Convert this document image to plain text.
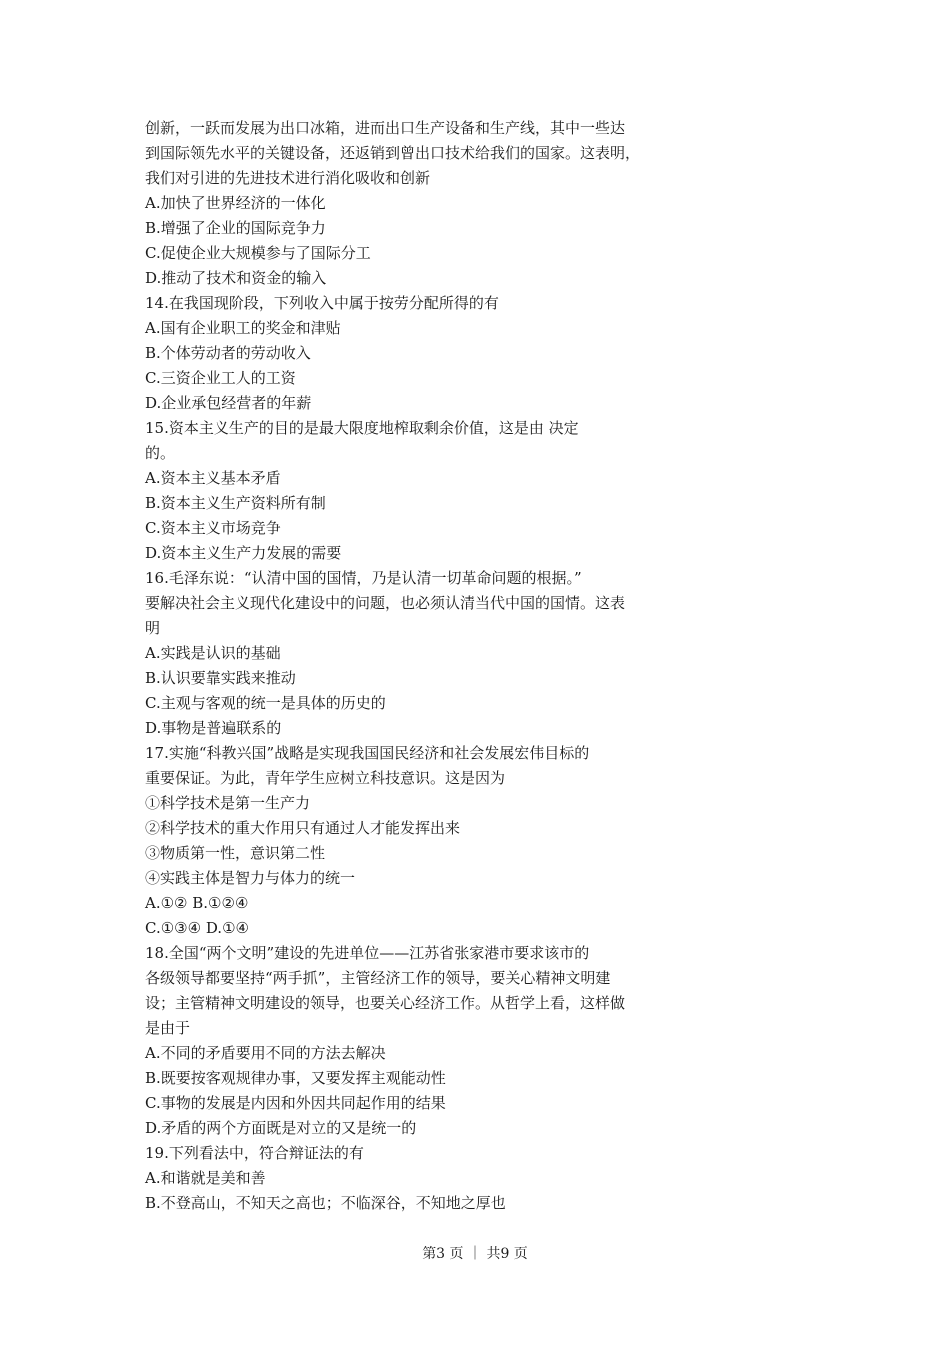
创新，一跃而发展为出口冰箱，进而出口生产设备和生产线，其中一些达
到国际领先水平的关键设备，还返销到曾出口技术给我们的国家。这表明，
我们对引进的先进技术进行消化吸收和创新
A.加快了世界经济的一体化
B.增强了企业的国际竞争力
C.促使企业大规模参与了国际分工
D.推动了技术和资金的输入
14.在我国现阶段，下列收入中属于按劳分配所得的有
A.国有企业职工的奖金和津贴
B.个体劳动者的劳动收入
C.三资企业工人的工资
D.企业承包经营者的年薪
15.资本主义生产的目的是最大限度地榨取剩余价值，这是由 决定
的。
A.资本主义基本矛盾
B.资本主义生产资料所有制
C.资本主义市场竞争
D.资本主义生产力发展的需要
16.毛泽东说：“认清中国的国情，乃是认清一切革命问题的根据。”
要解决社会主义现代化建设中的问题，也必须认清当代中国的国情。这表
明
A.实践是认识的基础
B.认识要靠实践来推动
C.主观与客观的统一是具体的历史的
D.事物是普遍联系的
17.实施“科教兴国”战略是实现我国国民经济和社会发展宏伟目标的
重要保证。为此，青年学生应树立科技意识。这是因为
①科学技术是第一生产力
②科学技术的重大作用只有通过人才能发挥出来
③物质第一性，意识第二性
④实践主体是智力与体力的统一
A.①② B.①②④
C.①③④ D.①④
18.全国“两个文明”建设的先进单位——江苏省张家港市要求该市的
各级领导都要坚持“两手抓”，主管经济工作的领导，要关心精神文明建
设；主管精神文明建设的领导，也要关心经济工作。从哲学上看，这样做
是由于
A.不同的矛盾要用不同的方法去解决
B.既要按客观规律办事，又要发挥主观能动性
C.事物的发展是内因和外因共同起作用的结果
D.矛盾的两个方面既是对立的又是统一的
19.下列看法中，符合辩证法的有
A.和谐就是美和善
B.不登高山，不知天之高也；不临深谷，不知地之厚也
第3 页 ｜ 共9 页
